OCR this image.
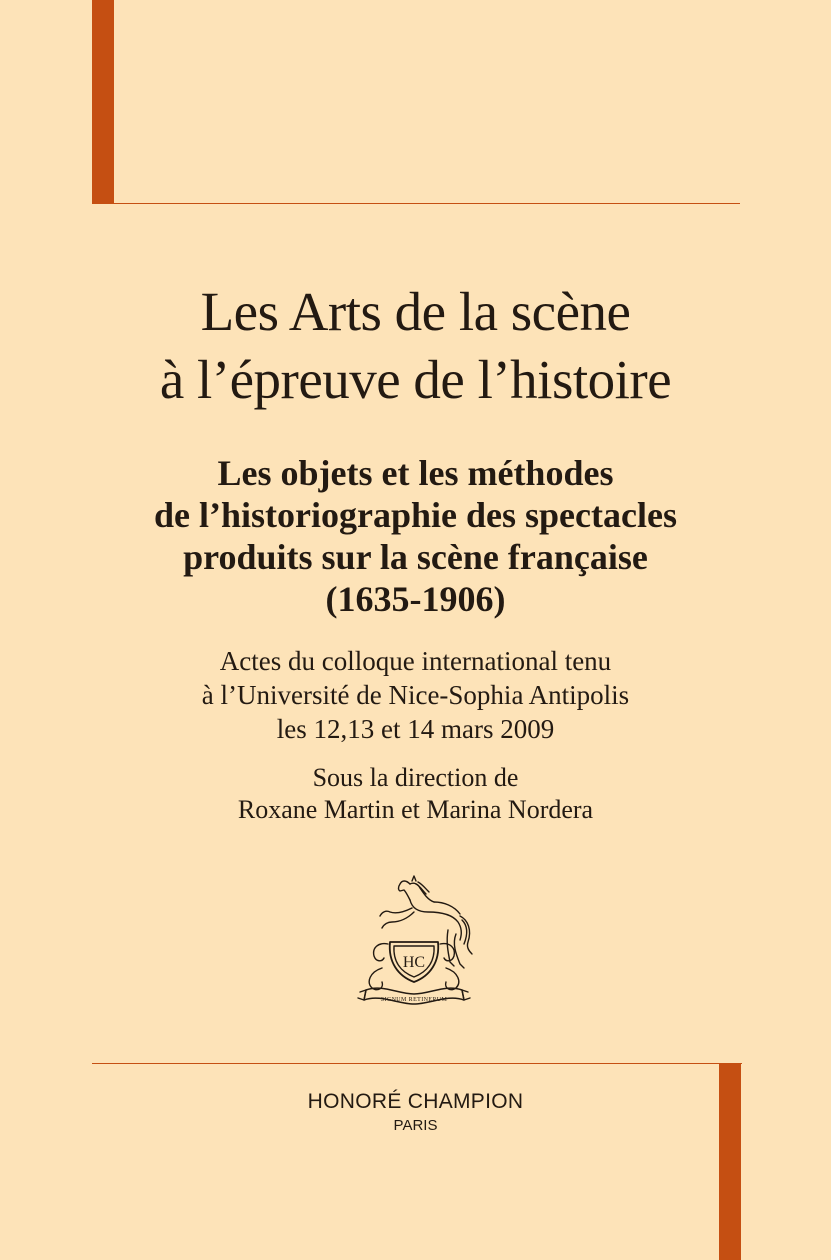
Les Arts de la scène
à l’épreuve de l’histoire
Les objets et les méthodes
de l’historiographie des spectacles
produits sur la scène française
(1635-1906)
Actes du colloque international tenu
à l’Université de Nice-Sophia Antipolis
les 12,13 et 14 mars 2009
Sous la direction de
Roxane Martin et Marina Nordera
HC
SIGNUM RETINERUM
HONORÉ CHAMPION
PARIS
